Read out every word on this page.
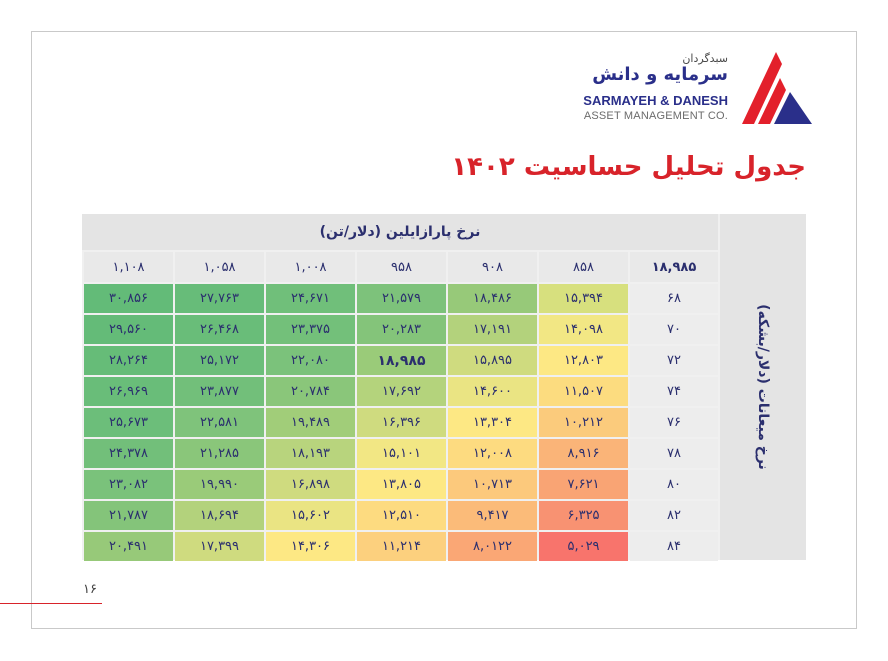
سبدگردان
سرمایه و دانش
SARMAYEH & DANESH
ASSET MANAGEMENT CO.
جدول تحلیل حساسیت ۱۴۰۲
نرخ پارازایلین (دلار/تن)
نرخ میعانات (دلار/بشکه)
۱۸,۹۸۵
۸۵۸
۹۰۸
۹۵۸
۱,۰۰۸
۱,۰۵۸
۱,۱۰۸
۶۸
۱۵,۳۹۴
۱۸,۴۸۶
۲۱,۵۷۹
۲۴,۶۷۱
۲۷,۷۶۳
۳۰,۸۵۶
۷۰
۱۴,۰۹۸
۱۷,۱۹۱
۲۰,۲۸۳
۲۳,۳۷۵
۲۶,۴۶۸
۲۹,۵۶۰
۷۲
۱۲,۸۰۳
۱۵,۸۹۵
۱۸,۹۸۵
۲۲,۰۸۰
۲۵,۱۷۲
۲۸,۲۶۴
۷۴
۱۱,۵۰۷
۱۴,۶۰۰
۱۷,۶۹۲
۲۰,۷۸۴
۲۳,۸۷۷
۲۶,۹۶۹
۷۶
۱۰,۲۱۲
۱۳,۳۰۴
۱۶,۳۹۶
۱۹,۴۸۹
۲۲,۵۸۱
۲۵,۶۷۳
۷۸
۸,۹۱۶
۱۲,۰۰۸
۱۵,۱۰۱
۱۸,۱۹۳
۲۱,۲۸۵
۲۴,۳۷۸
۸۰
۷,۶۲۱
۱۰,۷۱۳
۱۳,۸۰۵
۱۶,۸۹۸
۱۹,۹۹۰
۲۳,۰۸۲
۸۲
۶,۳۲۵
۹,۴۱۷
۱۲,۵۱۰
۱۵,۶۰۲
۱۸,۶۹۴
۲۱,۷۸۷
۸۴
۵,۰۲۹
۸,۰۱۲۲
۱۱,۲۱۴
۱۴,۳۰۶
۱۷,۳۹۹
۲۰,۴۹۱
۱۶
